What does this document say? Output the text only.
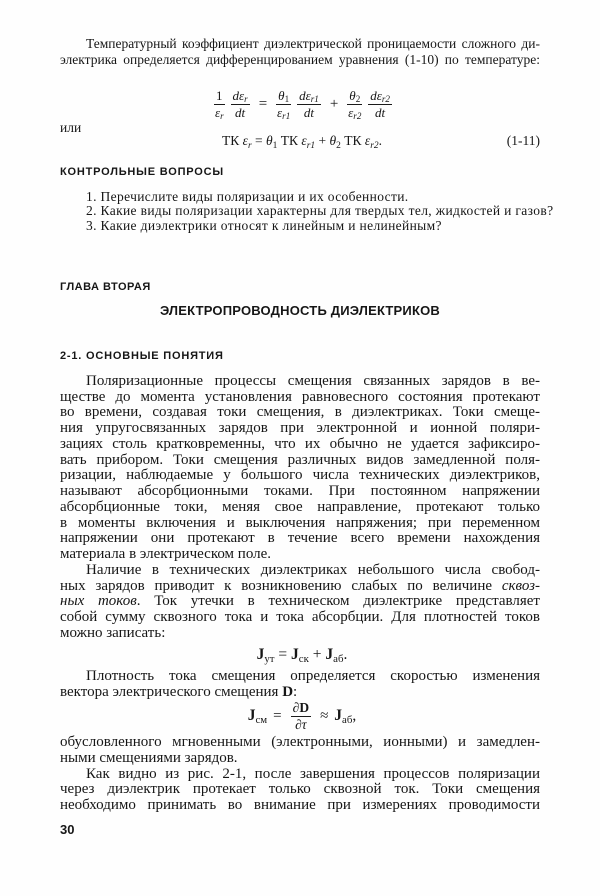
Температурный коэффициент диэлектрической проницаемости сложного ди-
электрика определяется дифференцированием уравнения (1-10) по температуре:
$\frac{1}{\varepsilon_r} \frac{d\varepsilon_r}{dt} = \frac{\theta_1}{\varepsilon_{r1}} \frac{d\varepsilon_{r1}}{dt} + \frac{\theta_2}{\varepsilon_{r2}} \frac{d\varepsilon_{r2}}{dt}$
или
ТК $\varepsilon_r = \theta_1$ ТК $\varepsilon_{r1} + \theta_2$ ТК $\varepsilon_{r2}$.	(1-11)
КОНТРОЛЬНЫЕ ВОПРОСЫ
1. Перечислите виды поляризации и их особенности.
2. Какие виды поляризации характерны для твердых тел, жидкостей и газов?
3. Какие диэлектрики относят к линейным и нелинейным?
ГЛАВА ВТОРАЯ
ЭЛЕКТРОПРОВОДНОСТЬ ДИЭЛЕКТРИКОВ
2-1. ОСНОВНЫЕ ПОНЯТИЯ
Поляризационные процессы смещения связанных зарядов в ве-
ществе до момента установления равновесного состояния протекают
во времени, создавая токи смещения, в диэлектриках. Токи смеще-
ния упругосвязанных зарядов при электронной и ионной поляри-
зациях столь кратковременны, что их обычно не удается зафиксиро-
вать прибором. Токи смещения различных видов замедленной поля-
ризации, наблюдаемые у большого числа технических диэлектриков,
называют абсорбционными токами. При постоянном напряжении
абсорбционные токи, меняя свое направление, протекают только
в моменты включения и выключения напряжения; при переменном
напряжении они протекают в течение всего времени нахождения
материала в электрическом поле.
Наличие в технических диэлектриках небольшого числа свобод-
ных зарядов приводит к возникновению слабых по величине сквоз-
ных токов. Ток утечки в техническом диэлектрике представляет
собой сумму сквозного тока и тока абсорбции. Для плотностей токов
можно записать:
$J_{ут} = J_{ск} + J_{аб}$.
Плотность тока смещения определяется скоростью изменения
вектора электрического смещения D:
$J_{см} = \frac{\partial D}{\partial\tau} \approx J_{аб}$,
обусловленного мгновенными (электронными, ионными) и замедлен-
ными смещениями зарядов.
Как видно из рис. 2-1, после завершения процессов поляризации
через диэлектрик протекает только сквозной ток. Токи смещения
необходимо принимать во внимание при измерениях проводимости
30
